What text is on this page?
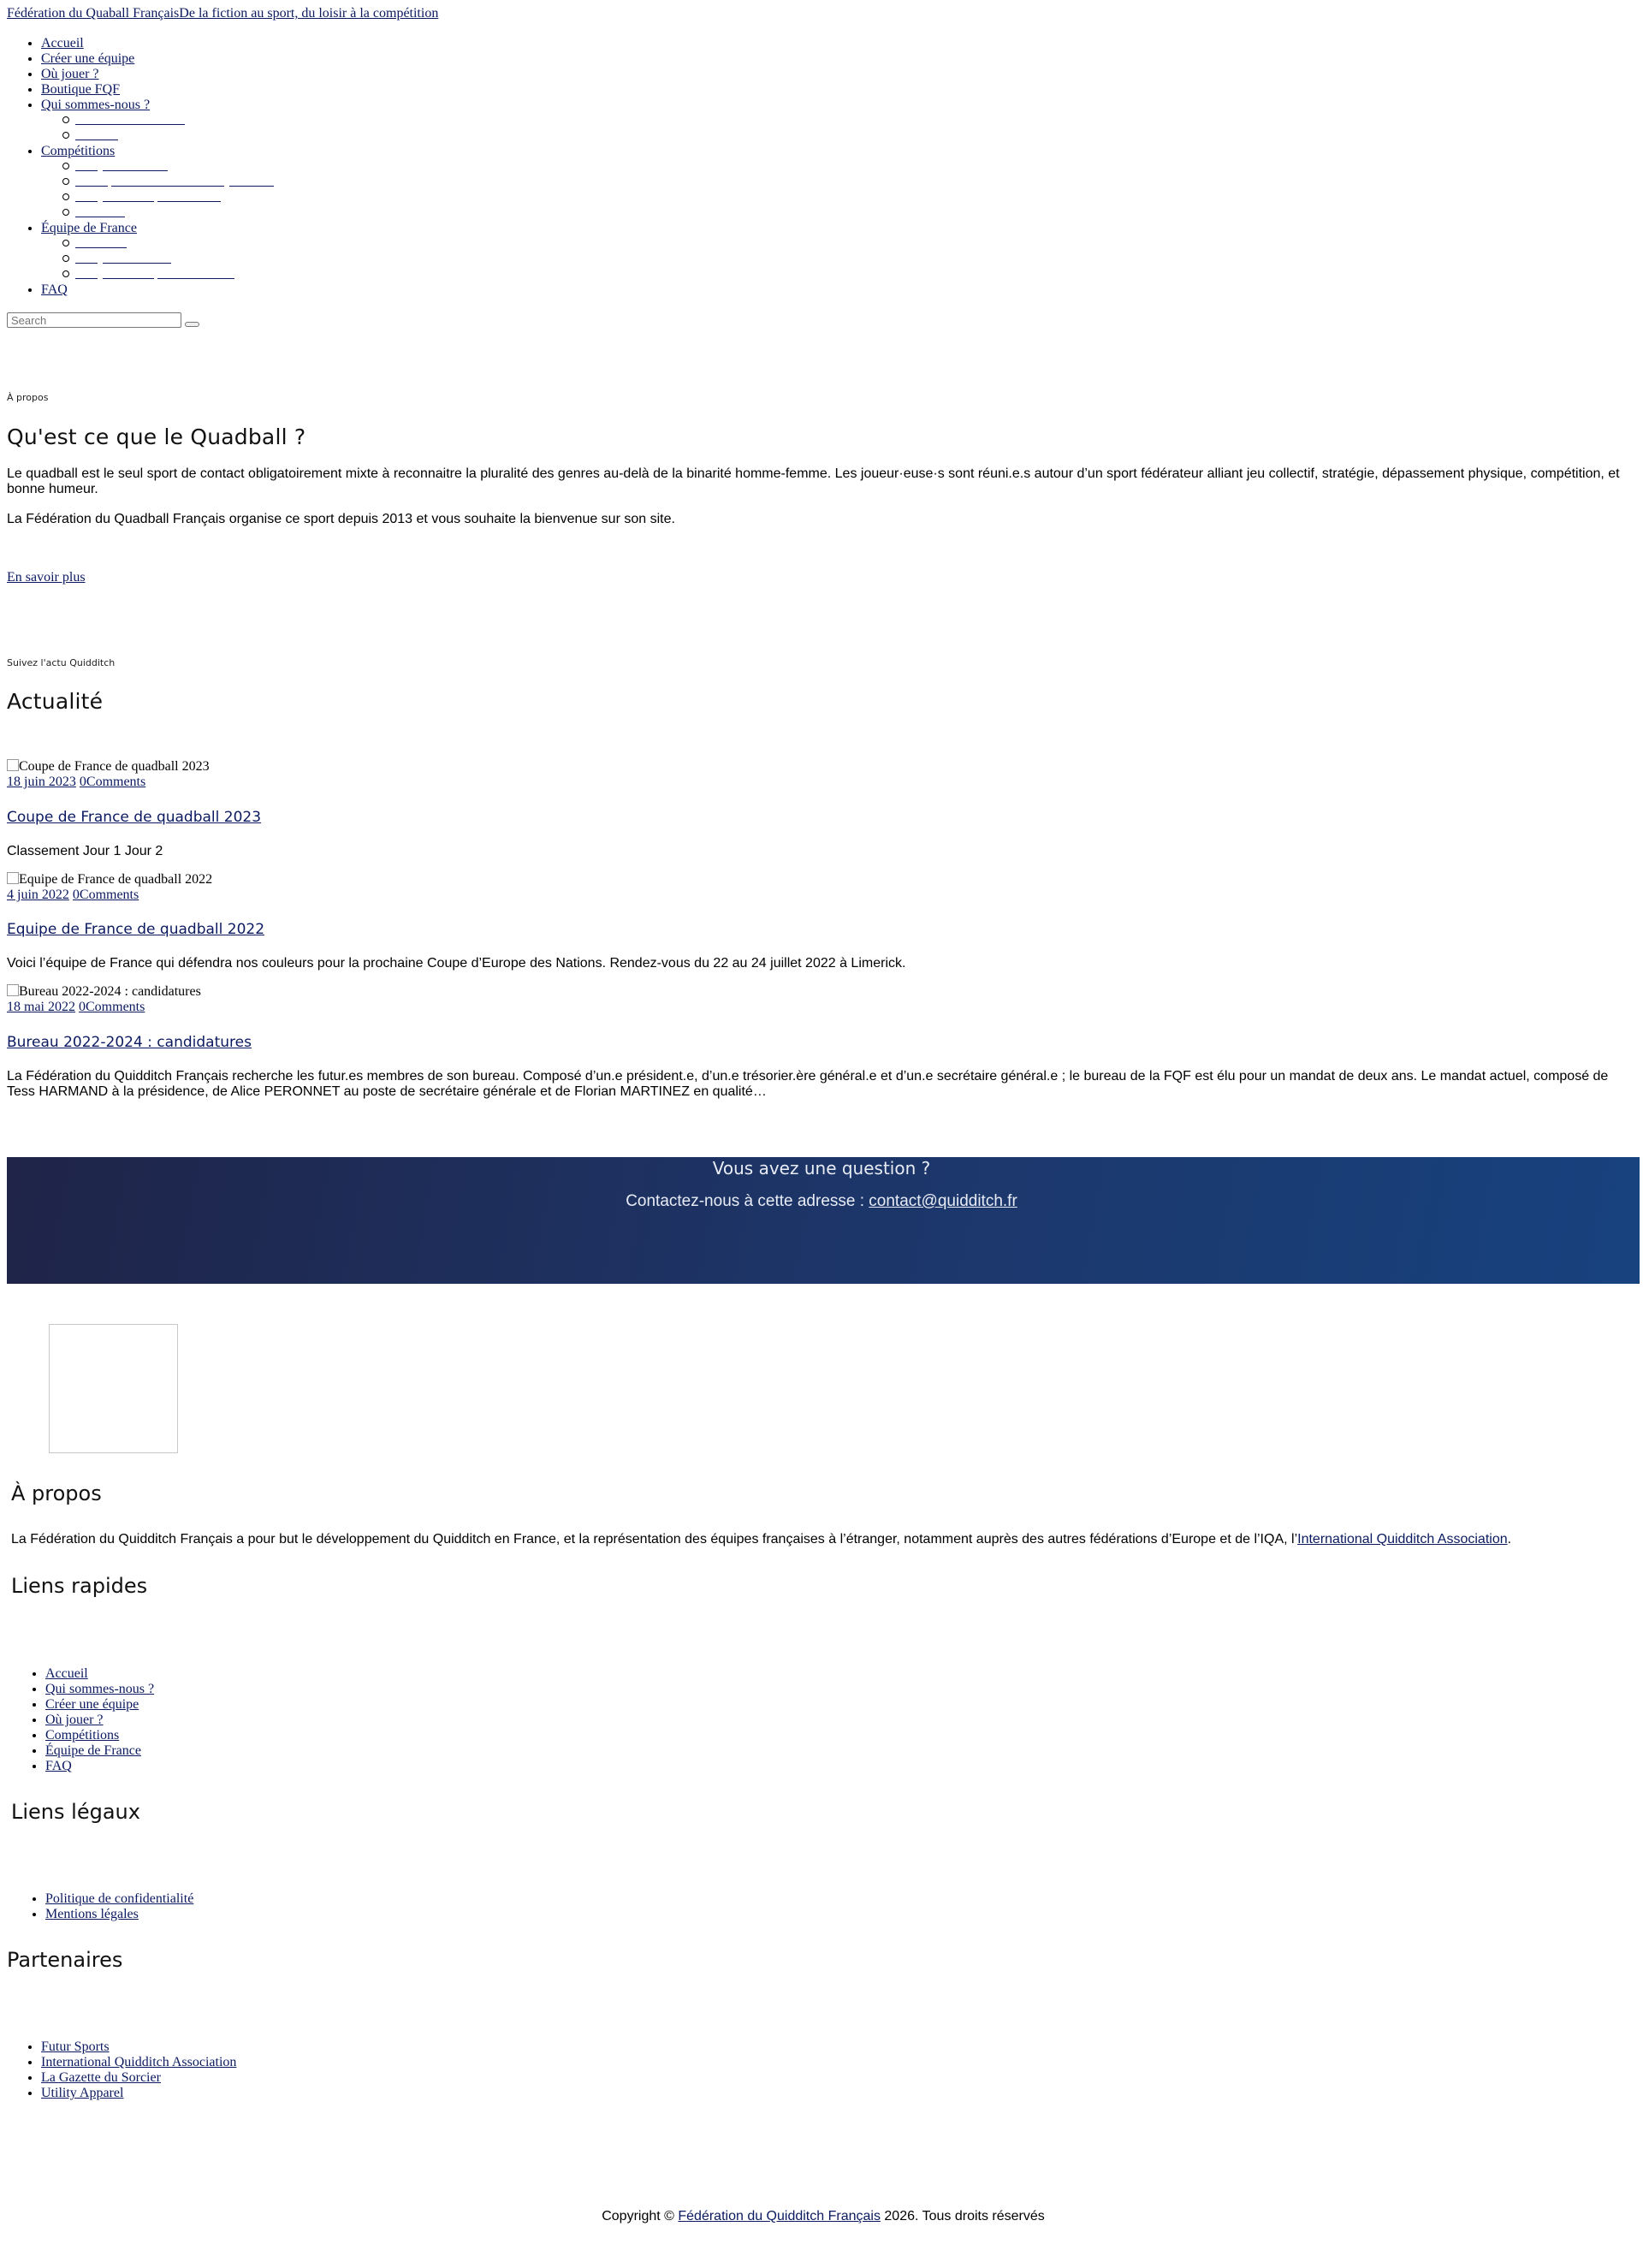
Fédération du Quaball FrançaisDe la fiction au sport, du loisir à la compétition
• Accueil
• Créer une équipe
• Où jouer ?
• Boutique FQF
• Qui sommes-nous ?
• Compétitions
• Équipe de France
• FAQ
Search
À propos
Qu'est ce que le Quadball ?
Le quadball est le seul sport de contact obligatoirement mixte à reconnaitre la pluralité des genres au-delà de la binarité homme-femme. Les joueur·euse·s sont réuni.e.s autour d’un sport fédérateur alliant jeu collectif, stratégie, dépassement physique, compétition, et bonne humeur.
La Fédération du Quadball Français organise ce sport depuis 2013 et vous souhaite la bienvenue sur son site.
En savoir plus
Suivez l'actu Quidditch
Actualité
Coupe de France de quadball 2023
18 juin 2023 0Comments
Coupe de France de quadball 2023
Classement Jour 1 Jour 2
Equipe de France de quadball 2022
4 juin 2022 0Comments
Equipe de France de quadball 2022
Voici l’équipe de France qui défendra nos couleurs pour la prochaine Coupe d’Europe des Nations. Rendez-vous du 22 au 24 juillet 2022 à Limerick.
Bureau 2022-2024 : candidatures
18 mai 2022 0Comments
Bureau 2022-2024 : candidatures
La Fédération du Quidditch Français recherche les futur.es membres de son bureau. Composé d’un.e président.e, d’un.e trésorier.ère général.e et d’un.e secrétaire général.e ; le bureau de la FQF est élu pour un mandat de deux ans. Le mandat actuel, composé de Tess HARMAND à la présidence, de Alice PERONNET au poste de secrétaire générale et de Florian MARTINEZ en qualité…
Vous avez une question ?
Contactez-nous à cette adresse : contact@quidditch.fr
À propos
La Fédération du Quidditch Français a pour but le développement du Quidditch en France, et la représentation des équipes françaises à l’étranger, notamment auprès des autres fédérations d’Europe et de l’IQA, l’International Quidditch Association.
Liens rapides
• Accueil
• Qui sommes-nous ?
• Créer une équipe
• Où jouer ?
• Compétitions
• Équipe de France
• FAQ
Liens légaux
• Politique de confidentialité
• Mentions légales
Partenaires
• Futur Sports
• International Quidditch Association
• La Gazette du Sorcier
• Utility Apparel
Copyright © Fédération du Quidditch Français 2026. Tous droits réservés
